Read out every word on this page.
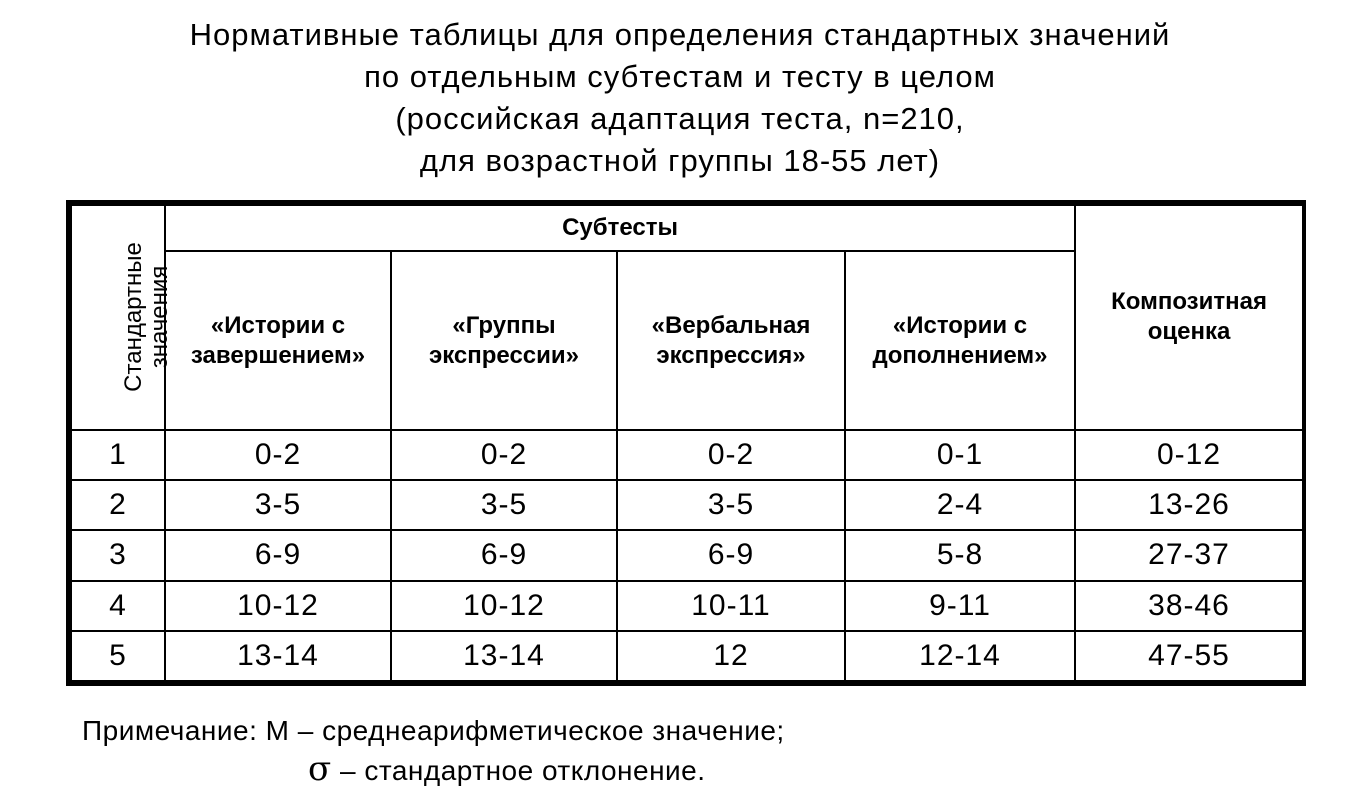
Нормативные таблицы для определения стандартных значений
по отдельным субтестам и тесту в целом
(российская адаптация теста, n=210,
для возрастной группы 18-55 лет)
Стандартные
значения	Субтесты				Композитная оценка
	«Истории с завершением»	«Группы экспрессии»	«Вербальная экспрессия»	«Истории с дополнением»	
1	0-2	0-2	0-2	0-1	0-12
2	3-5	3-5	3-5	2-4	13-26
3	6-9	6-9	6-9	5-8	27-37
4	10-12	10-12	10-11	9-11	38-46
5	13-14	13-14	12	12-14	47-55
Примечание: М – среднеарифметическое значение;
σ – стандартное отклонение.
